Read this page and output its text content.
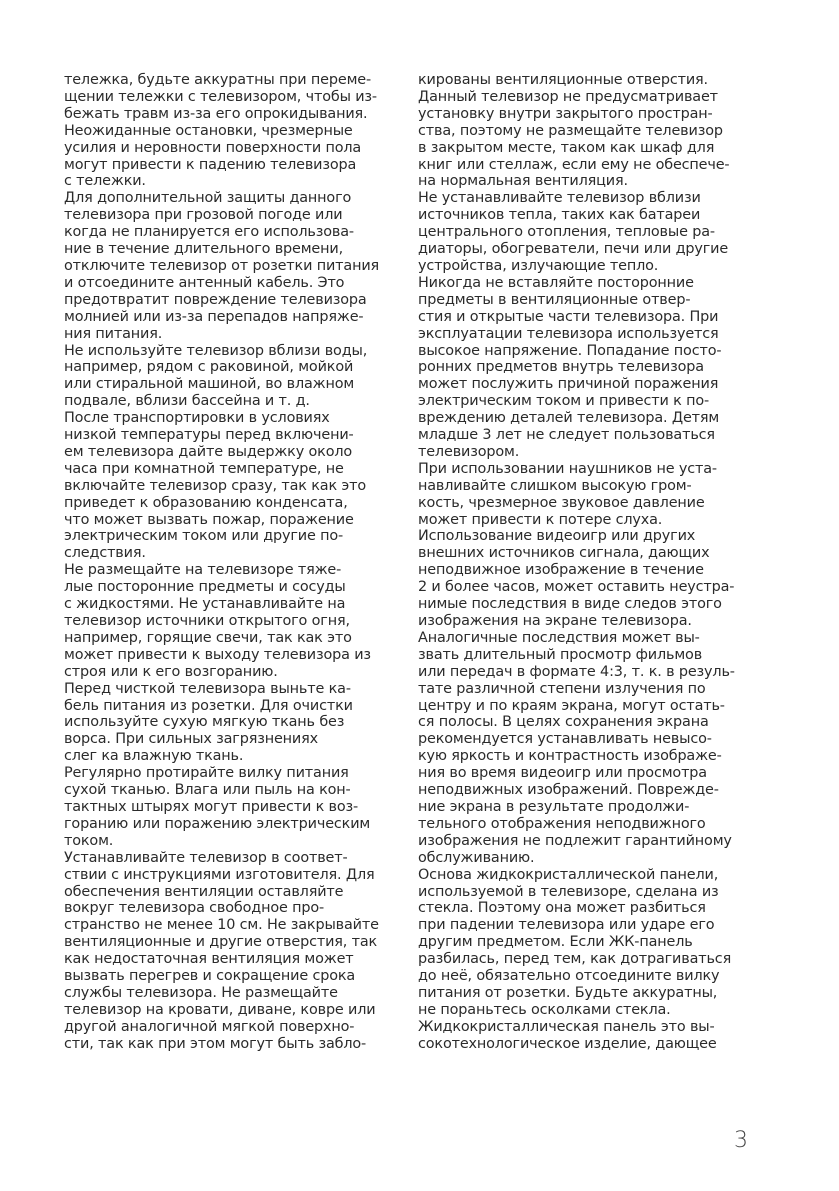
тележка, будьте аккуратны при переме-
щении тележки с телевизором, чтобы из-
бежать травм из-за его опрокидывания.
Неожиданные остановки, чрезмерные
усилия и неровности поверхности пола
могут привести к падению телевизора
с тележки.
Для дополнительной защиты данного
телевизора при грозовой погоде или
когда не планируется его использова-
ние в течение длительного времени,
отключите телевизор от розетки питания
и отсоедините антенный кабель. Это
предотвратит повреждение телевизора
молнией или из-за перепадов напряже-
ния питания.
Не используйте телевизор вблизи воды,
например, рядом с раковиной, мойкой
или стиральной машиной, во влажном
подвале, вблизи бассейна и т. д.
После транспортировки в условиях
низкой температуры перед включени-
ем телевизора дайте выдержку около
часа при комнатной температуре, не
включайте телевизор сразу, так как это
приведет к образованию конденсата,
что может вызвать пожар, поражение
электрическим током или другие по-
следствия.
Не размещайте на телевизоре тяже-
лые посторонние предметы и сосуды
с жидкостями. Не устанавливайте на
телевизор источники открытого огня,
например, горящие свечи, так как это
может привести к выходу телевизора из
строя или к его возгоранию.
Перед чисткой телевизора выньте ка-
бель питания из розетки. Для очистки
используйте сухую мягкую ткань без
ворса. При сильных загрязнениях
слег ка влажную ткань.
Регулярно протирайте вилку питания
сухой тканью. Влага или пыль на кон-
тактных штырях могут привести к воз-
горанию или поражению электрическим
током.
Устанавливайте телевизор в соответ-
ствии с инструкциями изготовителя. Для
обеспечения вентиляции оставляйте
вокруг телевизора свободное про-
странство не менее 10 см. Не закрывайте
вентиляционные и другие отверстия, так
как недостаточная вентиляция может
вызвать перегрев и сокращение срока
службы телевизора. Не размещайте
телевизор на кровати, диване, ковре или
другой аналогичной мягкой поверхно-
сти, так как при этом могут быть забло-
кированы вентиляционные отверстия.
Данный телевизор не предусматривает
установку внутри закрытого простран-
ства, поэтому не размещайте телевизор
в закрытом месте, таком как шкаф для
книг или стеллаж, если ему не обеспече-
на нормальная вентиляция.
Не устанавливайте телевизор вблизи
источников тепла, таких как батареи
центрального отопления, тепловые ра-
диаторы, обогреватели, печи или другие
устройства, излучающие тепло.
Никогда не вставляйте посторонние
предметы в вентиляционные отвер-
стия и открытые части телевизора. При
эксплуатации телевизора используется
высокое напряжение. Попадание посто-
ронних предметов внутрь телевизора
может послужить причиной поражения
электрическим током и привести к по-
вреждению деталей телевизора. Детям
младше 3 лет не следует пользоваться
телевизором.
При использовании наушников не уста-
навливайте слишком высокую гром-
кость, чрезмерное звуковое давление
может привести к потере слуха.
Использование видеоигр или других
внешних источников сигнала, дающих
неподвижное изображение в течение
2 и более часов, может оставить неустра-
нимые последствия в виде следов этого
изображения на экране телевизора.
Аналогичные последствия может вы-
звать длительный просмотр фильмов
или передач в формате 4:3, т. к. в резуль-
тате различной степени излучения по
центру и по краям экрана, могут остать-
ся полосы. В целях сохранения экрана
рекомендуется устанавливать невысо-
кую яркость и контрастность изображе-
ния во время видеоигр или просмотра
неподвижных изображений. Поврежде-
ние экрана в результате продолжи-
тельного отображения неподвижного
изображения не подлежит гарантийному
обслуживанию.
Основа жидкокристаллической панели,
используемой в телевизоре, сделана из
стекла. Поэтому она может разбиться
при падении телевизора или ударе его
другим предметом. Если ЖК-панель
разбилась, перед тем, как дотрагиваться
до неё, обязательно отсоедините вилку
питания от розетки. Будьте аккуратны,
не пораньтесь осколками стекла.
Жидкокристаллическая панель это вы-
сокотехнологическое изделие, дающее
3
